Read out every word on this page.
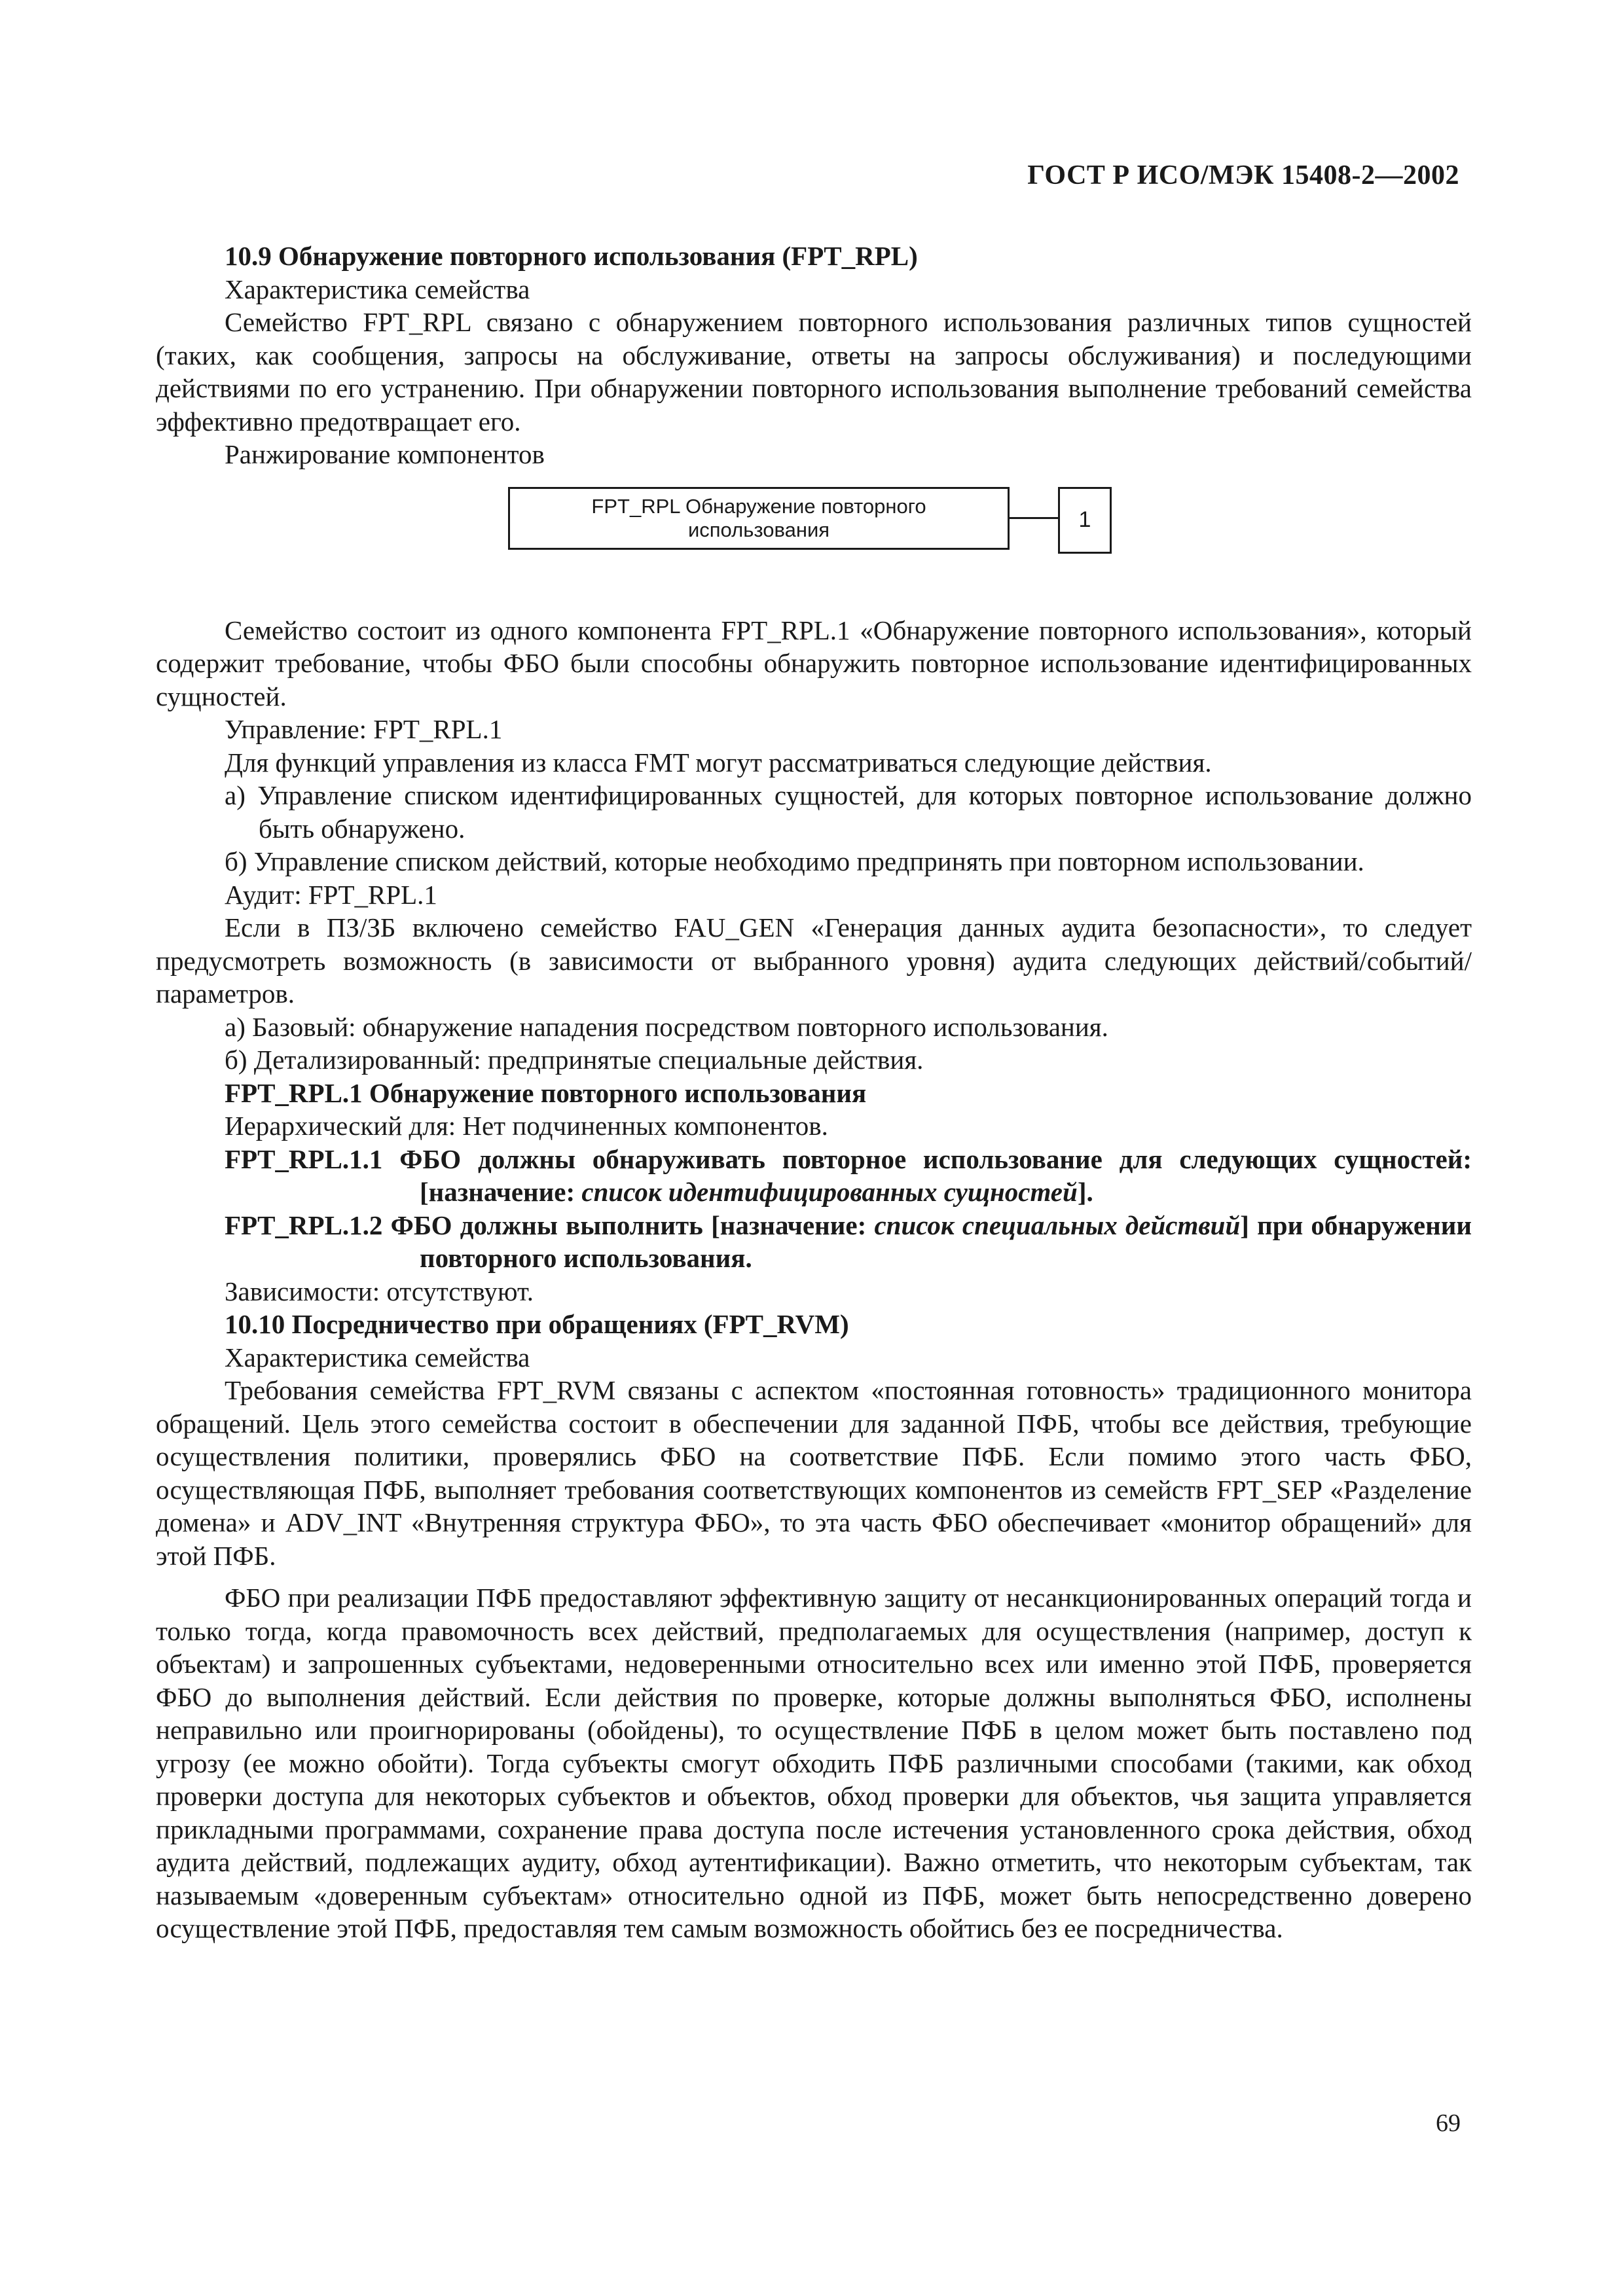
ГОСТ Р ИСО/МЭК 15408-2—2002

10.9 Обнаружение повторного использования (FPT_RPL)

Характеристика семейства

Семейство FPT_RPL связано с обнаружением повторного использования различных типов сущностей (таких, как сообщения, запросы на обслуживание, ответы на запросы обслуживания) и последующими действиями по его устранению. При обнаружении повторного использования выполнение требований семейства эффективно предотвращает его.

Ранжирование компонентов

FPT_RPL Обнаружение повторного использования	1

Семейство состоит из одного компонента FPT_RPL.1 «Обнаружение повторного использования», который содержит требование, чтобы ФБО были способны обнаружить повторное использование идентифицированных сущностей.

Управление: FPT_RPL.1

Для функций управления из класса FMT могут рассматриваться следующие действия.

а) Управление списком идентифицированных сущностей, для которых повторное использование должно быть обнаружено.

б) Управление списком действий, которые необходимо предпринять при повторном использовании.

Аудит: FPT_RPL.1

Если в ПЗ/ЗБ включено семейство FAU_GEN «Генерация данных аудита безопасности», то следует предусмотреть возможность (в зависимости от выбранного уровня) аудита следующих действий/событий/параметров.

а) Базовый: обнаружение нападения посредством повторного использования.

б) Детализированный: предпринятые специальные действия.

FPT_RPL.1 Обнаружение повторного использования

Иерархический для: Нет подчиненных компонентов.

FPT_RPL.1.1 ФБО должны обнаруживать повторное использование для следующих сущностей: [назначение: список идентифицированных сущностей].

FPT_RPL.1.2 ФБО должны выполнить [назначение: список специальных действий] при обнаружении повторного использования.

Зависимости: отсутствуют.

10.10 Посредничество при обращениях (FPT_RVM)

Характеристика семейства

Требования семейства FPT_RVM связаны с аспектом «постоянная готовность» традиционного монитора обращений. Цель этого семейства состоит в обеспечении для заданной ПФБ, чтобы все действия, требующие осуществления политики, проверялись ФБО на соответствие ПФБ. Если помимо этого часть ФБО, осуществляющая ПФБ, выполняет требования соответствующих компонентов из семейств FPT_SEP «Разделение домена» и ADV_INT «Внутренняя структура ФБО», то эта часть ФБО обеспечивает «монитор обращений» для этой ПФБ.

ФБО при реализации ПФБ предоставляют эффективную защиту от несанкционированных операций тогда и только тогда, когда правомочность всех действий, предполагаемых для осуществления (например, доступ к объектам) и запрошенных субъектами, недоверенными относительно всех или именно этой ПФБ, проверяется ФБО до выполнения действий. Если действия по проверке, которые должны выполняться ФБО, исполнены неправильно или проигнорированы (обойдены), то осуществление ПФБ в целом может быть поставлено под угрозу (ее можно обойти). Тогда субъекты смогут обходить ПФБ различными способами (такими, как обход проверки доступа для некоторых субъектов и объектов, обход проверки для объектов, чья защита управляется прикладными программами, сохранение права доступа после истечения установленного срока действия, обход аудита действий, подлежащих аудиту, обход аутентификации). Важно отметить, что некоторым субъектам, так называемым «доверенным субъектам» относительно одной из ПФБ, может быть непосредственно доверено осуществление этой ПФБ, предоставляя тем самым возможность обойтись без ее посредничества.

69
